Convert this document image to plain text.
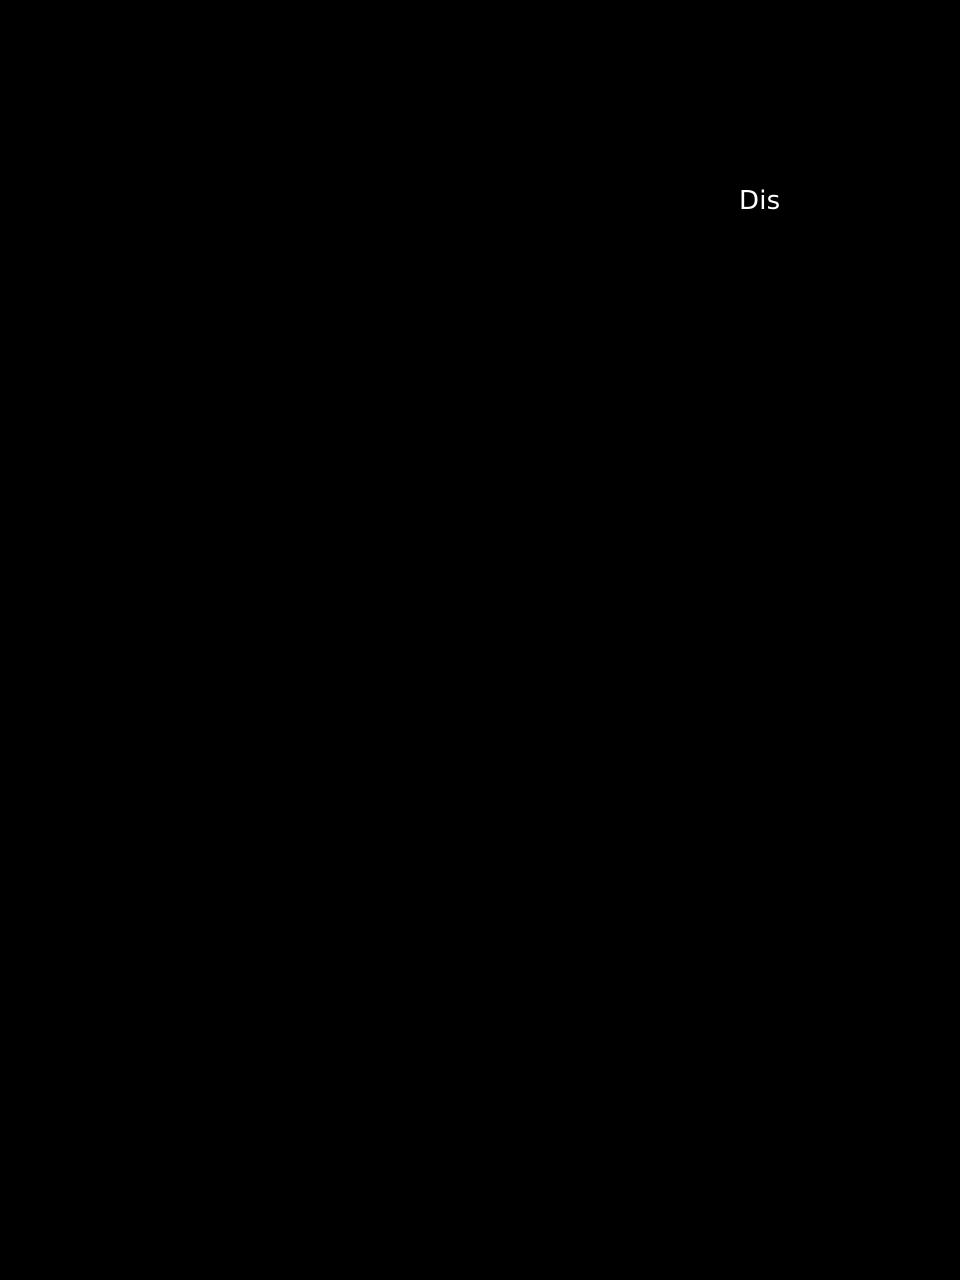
Dis
